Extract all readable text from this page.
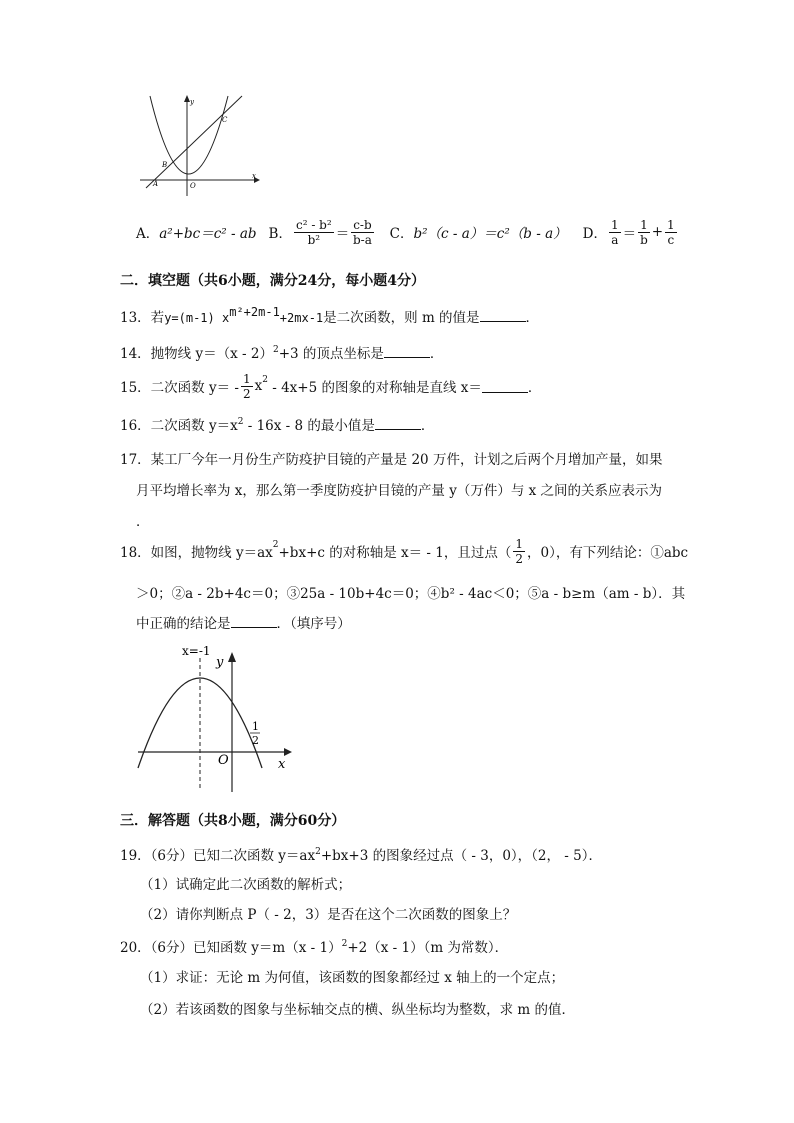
y
x
O
A
B
C
A． a²+bc＝c² - ab B． $\frac{\text{c² - b²}}{\text{b²}} = \frac{c-b}{b-a}$ C． b²（c - a）＝c²（b - a） D． $\frac{1}{a} = \frac{1}{b} + \frac{1}{c}$
二．填空题（共6小题，满分24分，每小题4分）
13．若y=(m-1) xm²+2m-1+2mx-1是二次函数，则 m 的值是	．
14．抛物线 y＝（x - 2）$^2$+3 的顶点坐标是	．
15．二次函数 $y= - \frac{1}{2}$ x 2 - 4x+5 的图象的对称轴是直线 x＝	．
16．二次函数 $y=x^2 - 16x - 8$ 的最小值是	．
17．某工厂今年一月份生产防疫护目镜的产量是 20 万件，计划之后两个月增加产量，如果
月平均增长率为 x，那么第一季度防疫护目镜的产量 y（万件）与 x 之间的关系应表示为
．
18．如图，抛物线 y＝ax 2 +bx+c 的对称轴是 x＝ - 1，且过点（ $\frac{1}{2}$ ，0），有下列结论：①abc
＞0；②a - 2b+4c＝0；③25a - 10b+4c＝0；④b² - 4ac＜0；⑤a - b≥m（am - b）．其
中正确的结论是	．（填序号）
x=-1
y
x
O
1
2
三．解答题（共8小题，满分60分）
19．（6分）已知二次函数 $y=ax^2+bx+3$ 的图象经过点（ - 3，0），（2， - 5）．
（1）试确定此二次函数的解析式；
（2）请你判断点 P（ - 2，3）是否在这个二次函数的图象上？
20．（6分）已知函数 y＝m（x - 1）$^2$+2（x - 1）（m 为常数）．
（1）求证：无论 m 为何值，该函数的图象都经过 x 轴上的一个定点；
（2）若该函数的图象与坐标轴交点的横、纵坐标均为整数，求 m 的值．
